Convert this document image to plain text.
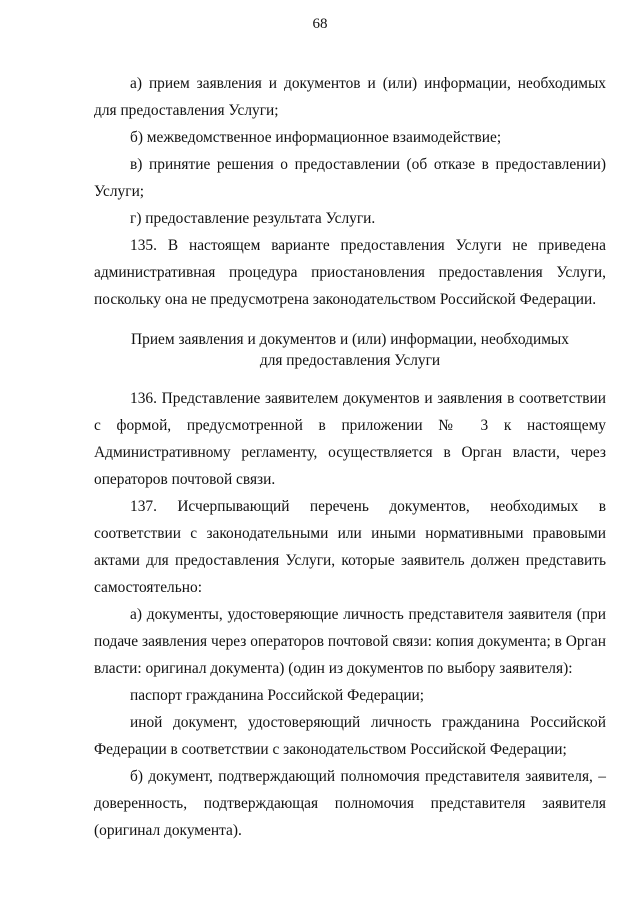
68

а) прием заявления и документов и (или) информации, необходимых для предоставления Услуги;

б) межведомственное информационное взаимодействие;

в) принятие решения о предоставлении (об отказе в предоставлении) Услуги;

г) предоставление результата Услуги.

135. В настоящем варианте предоставления Услуги не приведена административная процедура приостановления предоставления Услуги, поскольку она не предусмотрена законодательством Российской Федерации.

Прием заявления и документов и (или) информации, необходимых
для предоставления Услуги

136. Представление заявителем документов и заявления в соответствии с формой, предусмотренной в приложении № 3 к настоящему Административному регламенту, осуществляется в Орган власти, через операторов почтовой связи.

137. Исчерпывающий перечень документов, необходимых в соответствии с законодательными или иными нормативными правовыми актами для предоставления Услуги, которые заявитель должен представить самостоятельно:

а) документы, удостоверяющие личность представителя заявителя (при подаче заявления через операторов почтовой связи: копия документа; в Орган власти: оригинал документа) (один из документов по выбору заявителя):

паспорт гражданина Российской Федерации;

иной документ, удостоверяющий личность гражданина Российской Федерации в соответствии с законодательством Российской Федерации;

б) документ, подтверждающий полномочия представителя заявителя, – доверенность, подтверждающая полномочия представителя заявителя (оригинал документа).
